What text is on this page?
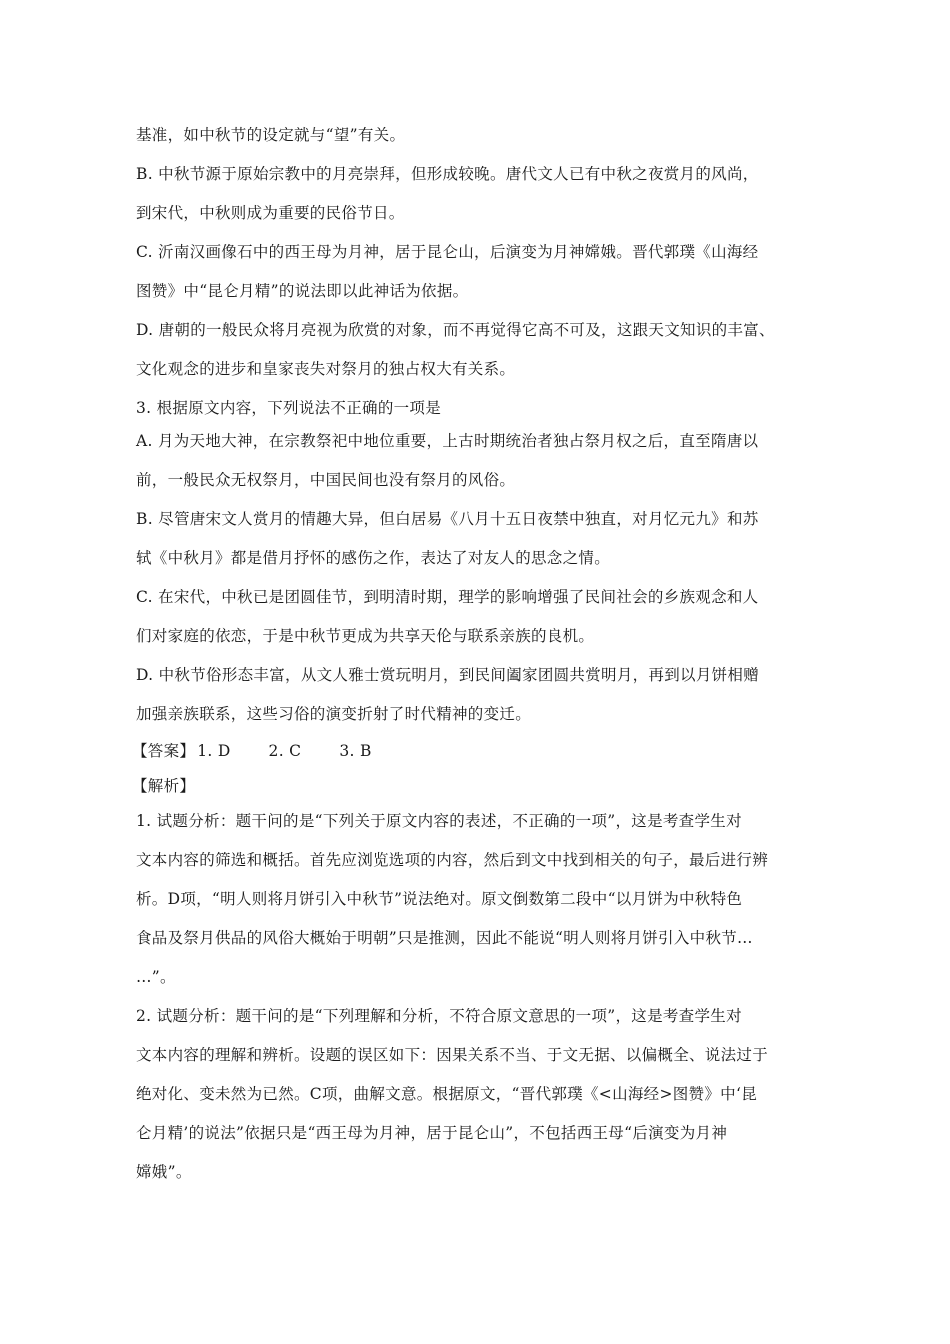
基准，如中秋节的设定就与“望”有关。
B. 中秋节源于原始宗教中的月亮崇拜，但形成较晚。唐代文人已有中秋之夜赏月的风尚，
到宋代，中秋则成为重要的民俗节日。
C. 沂南汉画像石中的西王母为月神，居于昆仑山，后演变为月神嫦娥。晋代郭璞《山海经
图赞》中“昆仑月精”的说法即以此神话为依据。
D. 唐朝的一般民众将月亮视为欣赏的对象，而不再觉得它高不可及，这跟天文知识的丰富、
文化观念的进步和皇家丧失对祭月的独占权大有关系。
3. 根据原文内容，下列说法不正确的一项是
A. 月为天地大神，在宗教祭祀中地位重要，上古时期统治者独占祭月权之后，直至隋唐以
前，一般民众无权祭月，中国民间也没有祭月的风俗。
B. 尽管唐宋文人赏月的情趣大异，但白居易《八月十五日夜禁中独直，对月忆元九》和苏
轼《中秋月》都是借月抒怀的感伤之作，表达了对友人的思念之情。
C. 在宋代，中秋已是团圆佳节，到明清时期，理学的影响增强了民间社会的乡族观念和人
们对家庭的依恋，于是中秋节更成为共享天伦与联系亲族的良机。
D. 中秋节俗形态丰富，从文人雅士赏玩明月，到民间阖家团圆共赏明月，再到以月饼相赠
加强亲族联系，这些习俗的演变折射了时代精神的变迁。
【答案】 1. D 2. C 3. B
【解析】
1. 试题分析：题干问的是“下列关于原文内容的表述，不正确的一项”，这是考查学生对
文本内容的筛选和概括。首先应浏览选项的内容，然后到文中找到相关的句子，最后进行辨
析。D项，“明人则将月饼引入中秋节”说法绝对。原文倒数第二段中“以月饼为中秋特色
食品及祭月供品的风俗大概始于明朝”只是推测，因此不能说“明人则将月饼引入中秋节…
…”。
2. 试题分析：题干问的是“下列理解和分析，不符合原文意思的一项”，这是考查学生对
文本内容的理解和辨析。设题的误区如下：因果关系不当、于文无据、以偏概全、说法过于
绝对化、变未然为已然。C项，曲解文意。根据原文，“晋代郭璞《<山海经>图赞》中‘昆
仑月精’的说法”依据只是“西王母为月神，居于昆仑山”，不包括西王母“后演变为月神
嫦娥”。
